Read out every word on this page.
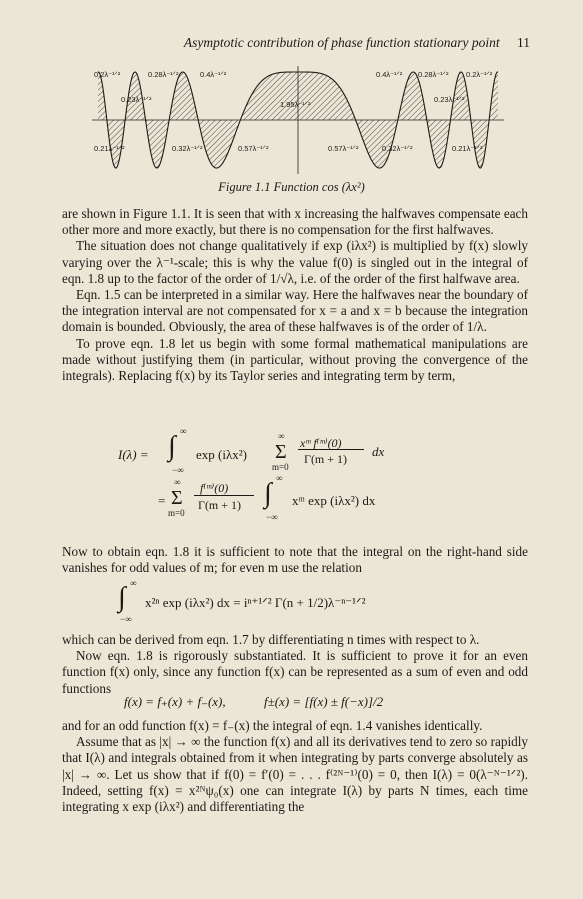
Asymptotic contribution of phase function stationary point 11
0.2λ⁻¹ᐟ²	0.28λ⁻¹ᐟ²	0.4λ⁻¹ᐟ²	0.4λ⁻¹ᐟ² 0.28λ⁻¹ᐟ² 0.2λ⁻¹ᐟ²
0.23λ⁻¹ᐟ²	0.23λ⁻¹ᐟ²
1.95λ⁻¹ᐟ²
0.21λ⁻¹ᐟ²	0.32λ⁻¹ᐟ²	0.57λ⁻¹ᐟ²	0.57λ⁻¹ᐟ²	0.32λ⁻¹ᐟ²	0.21λ⁻¹ᐟ²
Figure 1.1 Function cos (λx²)

are shown in Figure 1.1. It is seen that with x increasing the halfwaves compensate each other more and more exactly, but there is no compensation for the first halfwaves.

The situation does not change qualitatively if exp (iλx²) is multiplied by f(x) slowly varying over the λ⁻¹-scale; this is why the value f(0) is singled out in the integral of eqn. 1.8 up to the factor of the order of 1/√λ, i.e. of the order of the first halfwave area.

Eqn. 1.5 can be interpreted in a similar way. Here the halfwaves near the boundary of the integration interval are not compensated for x = a and x = b because the integration domain is bounded. Obviously, the area of these halfwaves is of the order of 1/λ.

To prove eqn. 1.8 let us begin with some formal mathematical manipulations are made without justifying them (in particular, without proving the convergence of the integrals). Replacing f(x) by its Taylor series and integrating term by term,

I(λ) = ∫ ∞
−∞
exp (iλx²)
∞
Σ
m=0
xᵐ f⁽ᵐ⁾(0)
Γ(m + 1) dx
=
∞
Σ
m=0
f⁽ᵐ⁾(0)
Γ(m + 1) ∫ ∞
−∞
xᵐ exp (iλx²) dx

Now to obtain eqn. 1.8 it is sufficient to note that the integral on the right-hand side vanishes for odd values of m; for even m use the relation

∫ ∞
−∞
x²ⁿ exp (iλx²) dx = iⁿ⁺¹ᐟ² Γ(n + 1/2)λ⁻ⁿ⁻¹ᐟ²

which can be derived from eqn. 1.7 by differentiating n times with respect to λ.

Now eqn. 1.8 is rigorously substantiated. It is sufficient to prove it for an even function f(x) only, since any function f(x) can be represented as a sum of even and odd functions

f(x) = f₊(x) + f₋(x),	f±(x) = [f(x) ± f(−x)]/2

and for an odd function f(x) = f₋(x) the integral of eqn. 1.4 vanishes identically.

Assume that as |x| → ∞ the function f(x) and all its derivatives tend to zero so rapidly that I(λ) and integrals obtained from it when integrating by parts converge absolutely as |x| → ∞. Let us show that if f(0) = f′(0) = . . . f⁽²ᴺ⁻¹⁾(0) = 0, then I(λ) = 0(λ⁻ᴺ⁻¹ᐟ²). Indeed, setting f(x) = x²ᴺψ₀(x) one can integrate I(λ) by parts N times, each time integrating x exp (iλx²) and differentiating the
